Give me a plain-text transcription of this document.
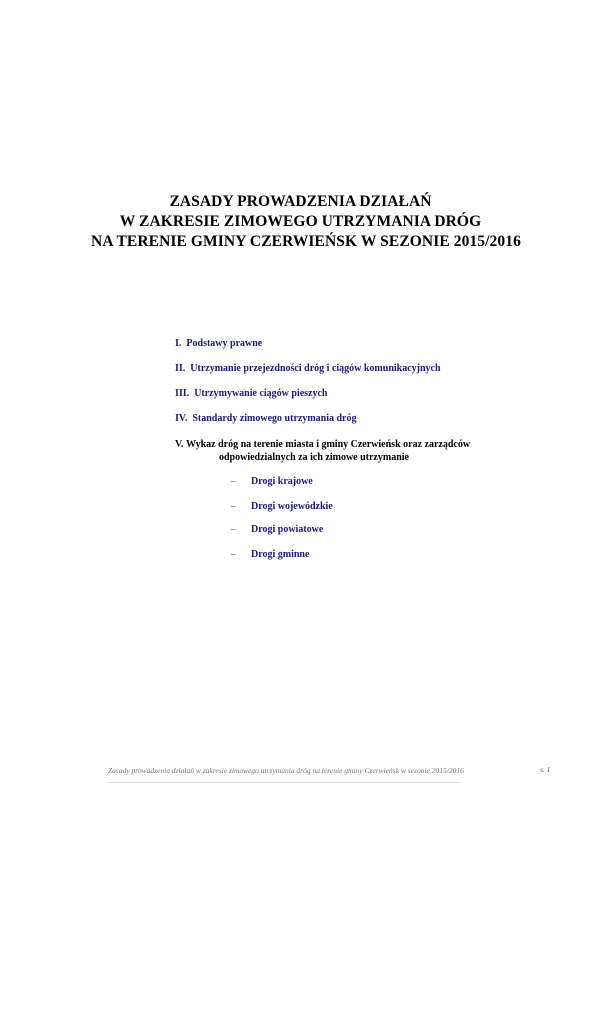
ZASADY PROWADZENIA DZIAŁAŃ
W ZAKRESIE ZIMOWEGO UTRZYMANIA DRÓG
NA TERENIE GMINY CZERWIEŃSK W SEZONIE 2015/2016
I. Podstawy prawne
II. Utrzymanie przejezdności dróg i ciągów komunikacyjnych
III. Utrzymywanie ciągów pieszych
IV. Standardy zimowego utrzymania dróg
V. Wykaz dróg na terenie miasta i gminy Czerwieńsk oraz zarządców
odpowiedzialnych za ich zimowe utrzymanie
– Drogi krajowe
– Drogi wojewódzkie
– Drogi powiatowe
– Drogi gminne
Zasady prowadzenia działań w zakresie zimowego utrzymania dróg na terenie gminy Czerwieńsk w sezonie 2015/2016	s. 1
